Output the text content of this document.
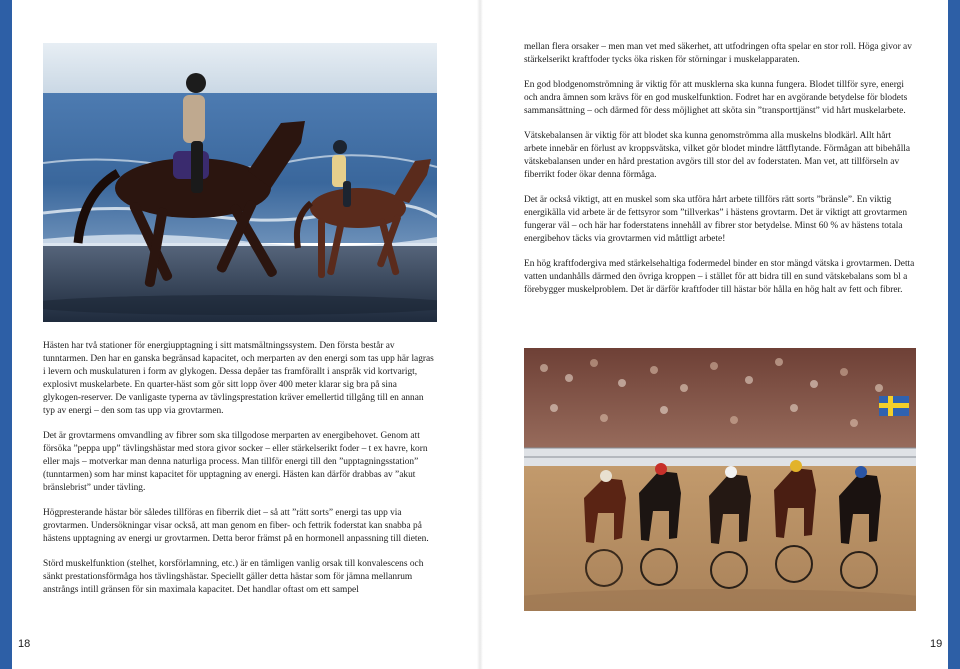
Hästen har två stationer för energiupptagning i sitt matsmältningssystem. Den första består av tunntarmen. Den har en ganska begränsad kapacitet, och merparten av den energi som tas upp här lagras i levern och muskulaturen i form av glykogen. Dessa depåer tas framförallt i anspråk vid kortvarigt, explosivt muskelarbete. En quarter-häst som gör sitt lopp över 400 meter klarar sig bra på sina glykogen-reserver. De vanligaste typerna av tävlingsprestation kräver emellertid tillgång till en annan typ av energi – den som tas upp via grovtarmen.

Det är grovtarmens omvandling av fibrer som ska tillgodose merparten av energibehovet. Genom att försöka ”peppa upp” tävlingshästar med stora givor socker – eller stärkelserikt foder – t ex havre, korn eller majs – motverkar man denna naturliga process. Man tillför energi till den ”upptagningsstation” (tunntarmen) som har minst kapacitet för upptagning av energi. Hästen kan därför drabbas av ”akut bränslebrist” under tävling.

Högpresterande hästar bör således tillföras en fiberrik diet – så att ”rätt sorts” energi tas upp via grovtarmen. Undersökningar visar också, att man genom en fiber- och fettrik foderstat kan snabba på hästens upptagning av energi ur grovtarmen. Detta beror främst på en hormonell anpassning till dieten.

Störd muskelfunktion (stelhet, korsförlamning, etc.) är en tämligen vanlig orsak till konvalescens och sänkt prestationsförmåga hos tävlingshästar. Speciellt gäller detta hästar som för jämna mellanrum anstrångs intill gränsen för sin maximala kapacitet. Det handlar oftast om ett sampel

mellan flera orsaker – men man vet med säkerhet, att utfodringen ofta spelar en stor roll. Höga givor av stärkelserikt kraftfoder tycks öka risken för störningar i muskelapparaten.

En god blodgenomströmning är viktig för att musklerna ska kunna fungera. Blodet tillför syre, energi och andra ämnen som krävs för en god muskelfunktion. Fodret har en avgörande betydelse för blodets sammansättning – och därmed för dess möjlighet att sköta sin ”transporttjänst” vid hårt muskelarbete.

Vätskebalansen är viktig för att blodet ska kunna genomströmma alla muskelns blodkärl. Allt hårt arbete innebär en förlust av kroppsvätska, vilket gör blodet mindre lättflytande. Förmågan att bibehålla vätskebalansen under en hård prestation avgörs till stor del av foderstaten. Man vet, att tillförseln av fiberrikt foder ökar denna förmåga.

Det är också viktigt, att en muskel som ska utföra hårt arbete tillförs rätt sorts ”bränsle”. En viktig energikälla vid arbete är de fettsyror som ”tillverkas” i hästens grovtarm. Det är viktigt att grovtarmen fungerar väl – och här har foderstatens innehåll av fibrer stor betydelse. Minst 60 % av hästens totala energibehov täcks via grovtarmen vid måttligt arbete!

En hög kraftfodergiva med stärkelsehaltiga fodermedel binder en stor mängd vätska i grovtarmen. Detta vatten undanhålls därmed den övriga kroppen – i stället för att bidra till en sund vätskebalans som bl a förebygger muskelproblem. Det är därför kraftfoder till hästar bör hålla en hög halt av fett och fibrer.

18	19
